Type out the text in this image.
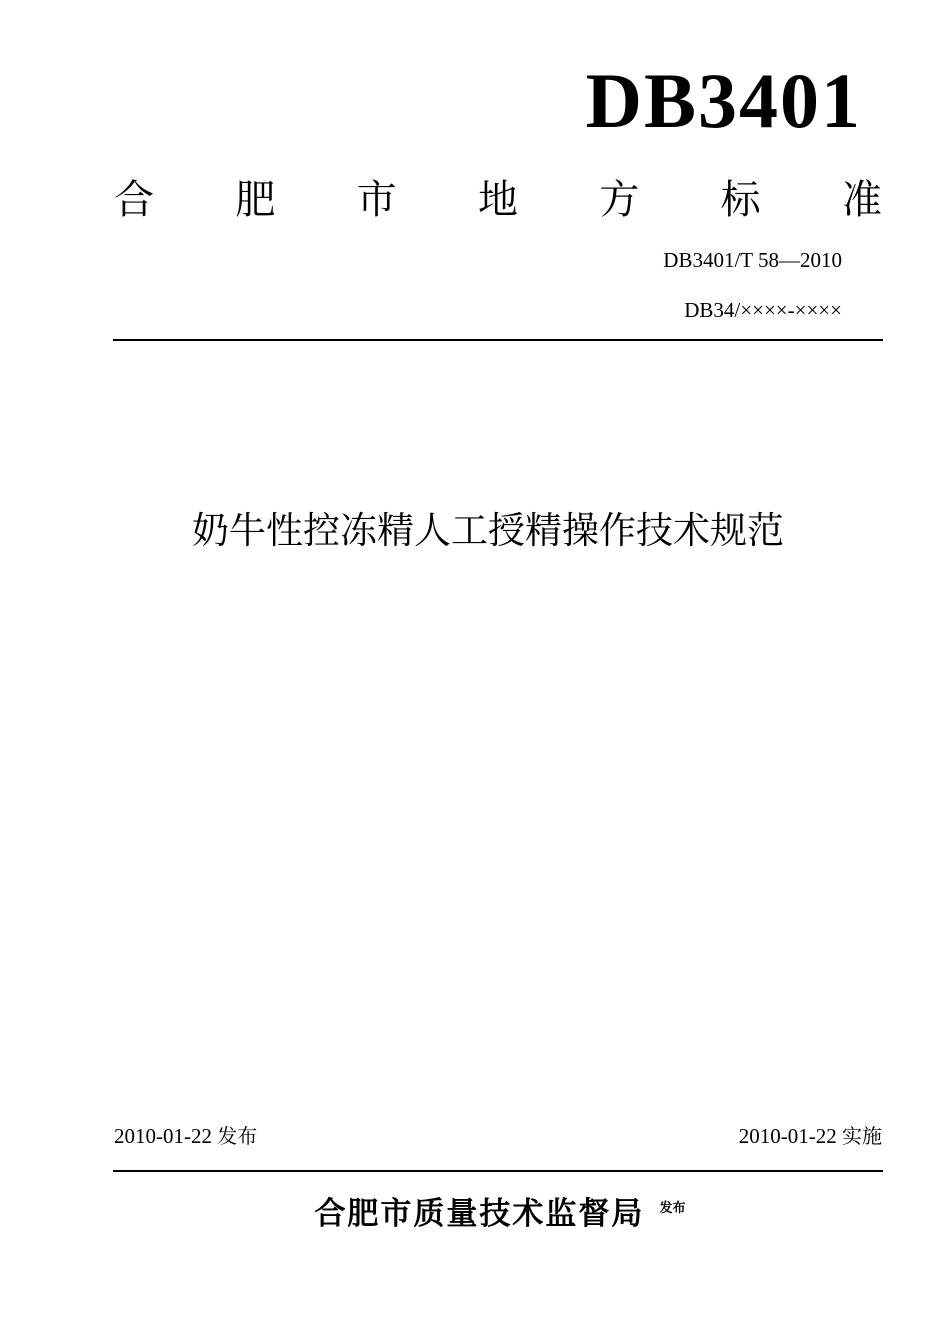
DB3401
合 肥 市 地 方 标 准
DB3401/T 58—2010
DB34/××××-××××
奶牛性控冻精人工授精操作技术规范
2010-01-22 发布	2010-01-22 实施
合肥市质量技术监督局 $^{发布}$
